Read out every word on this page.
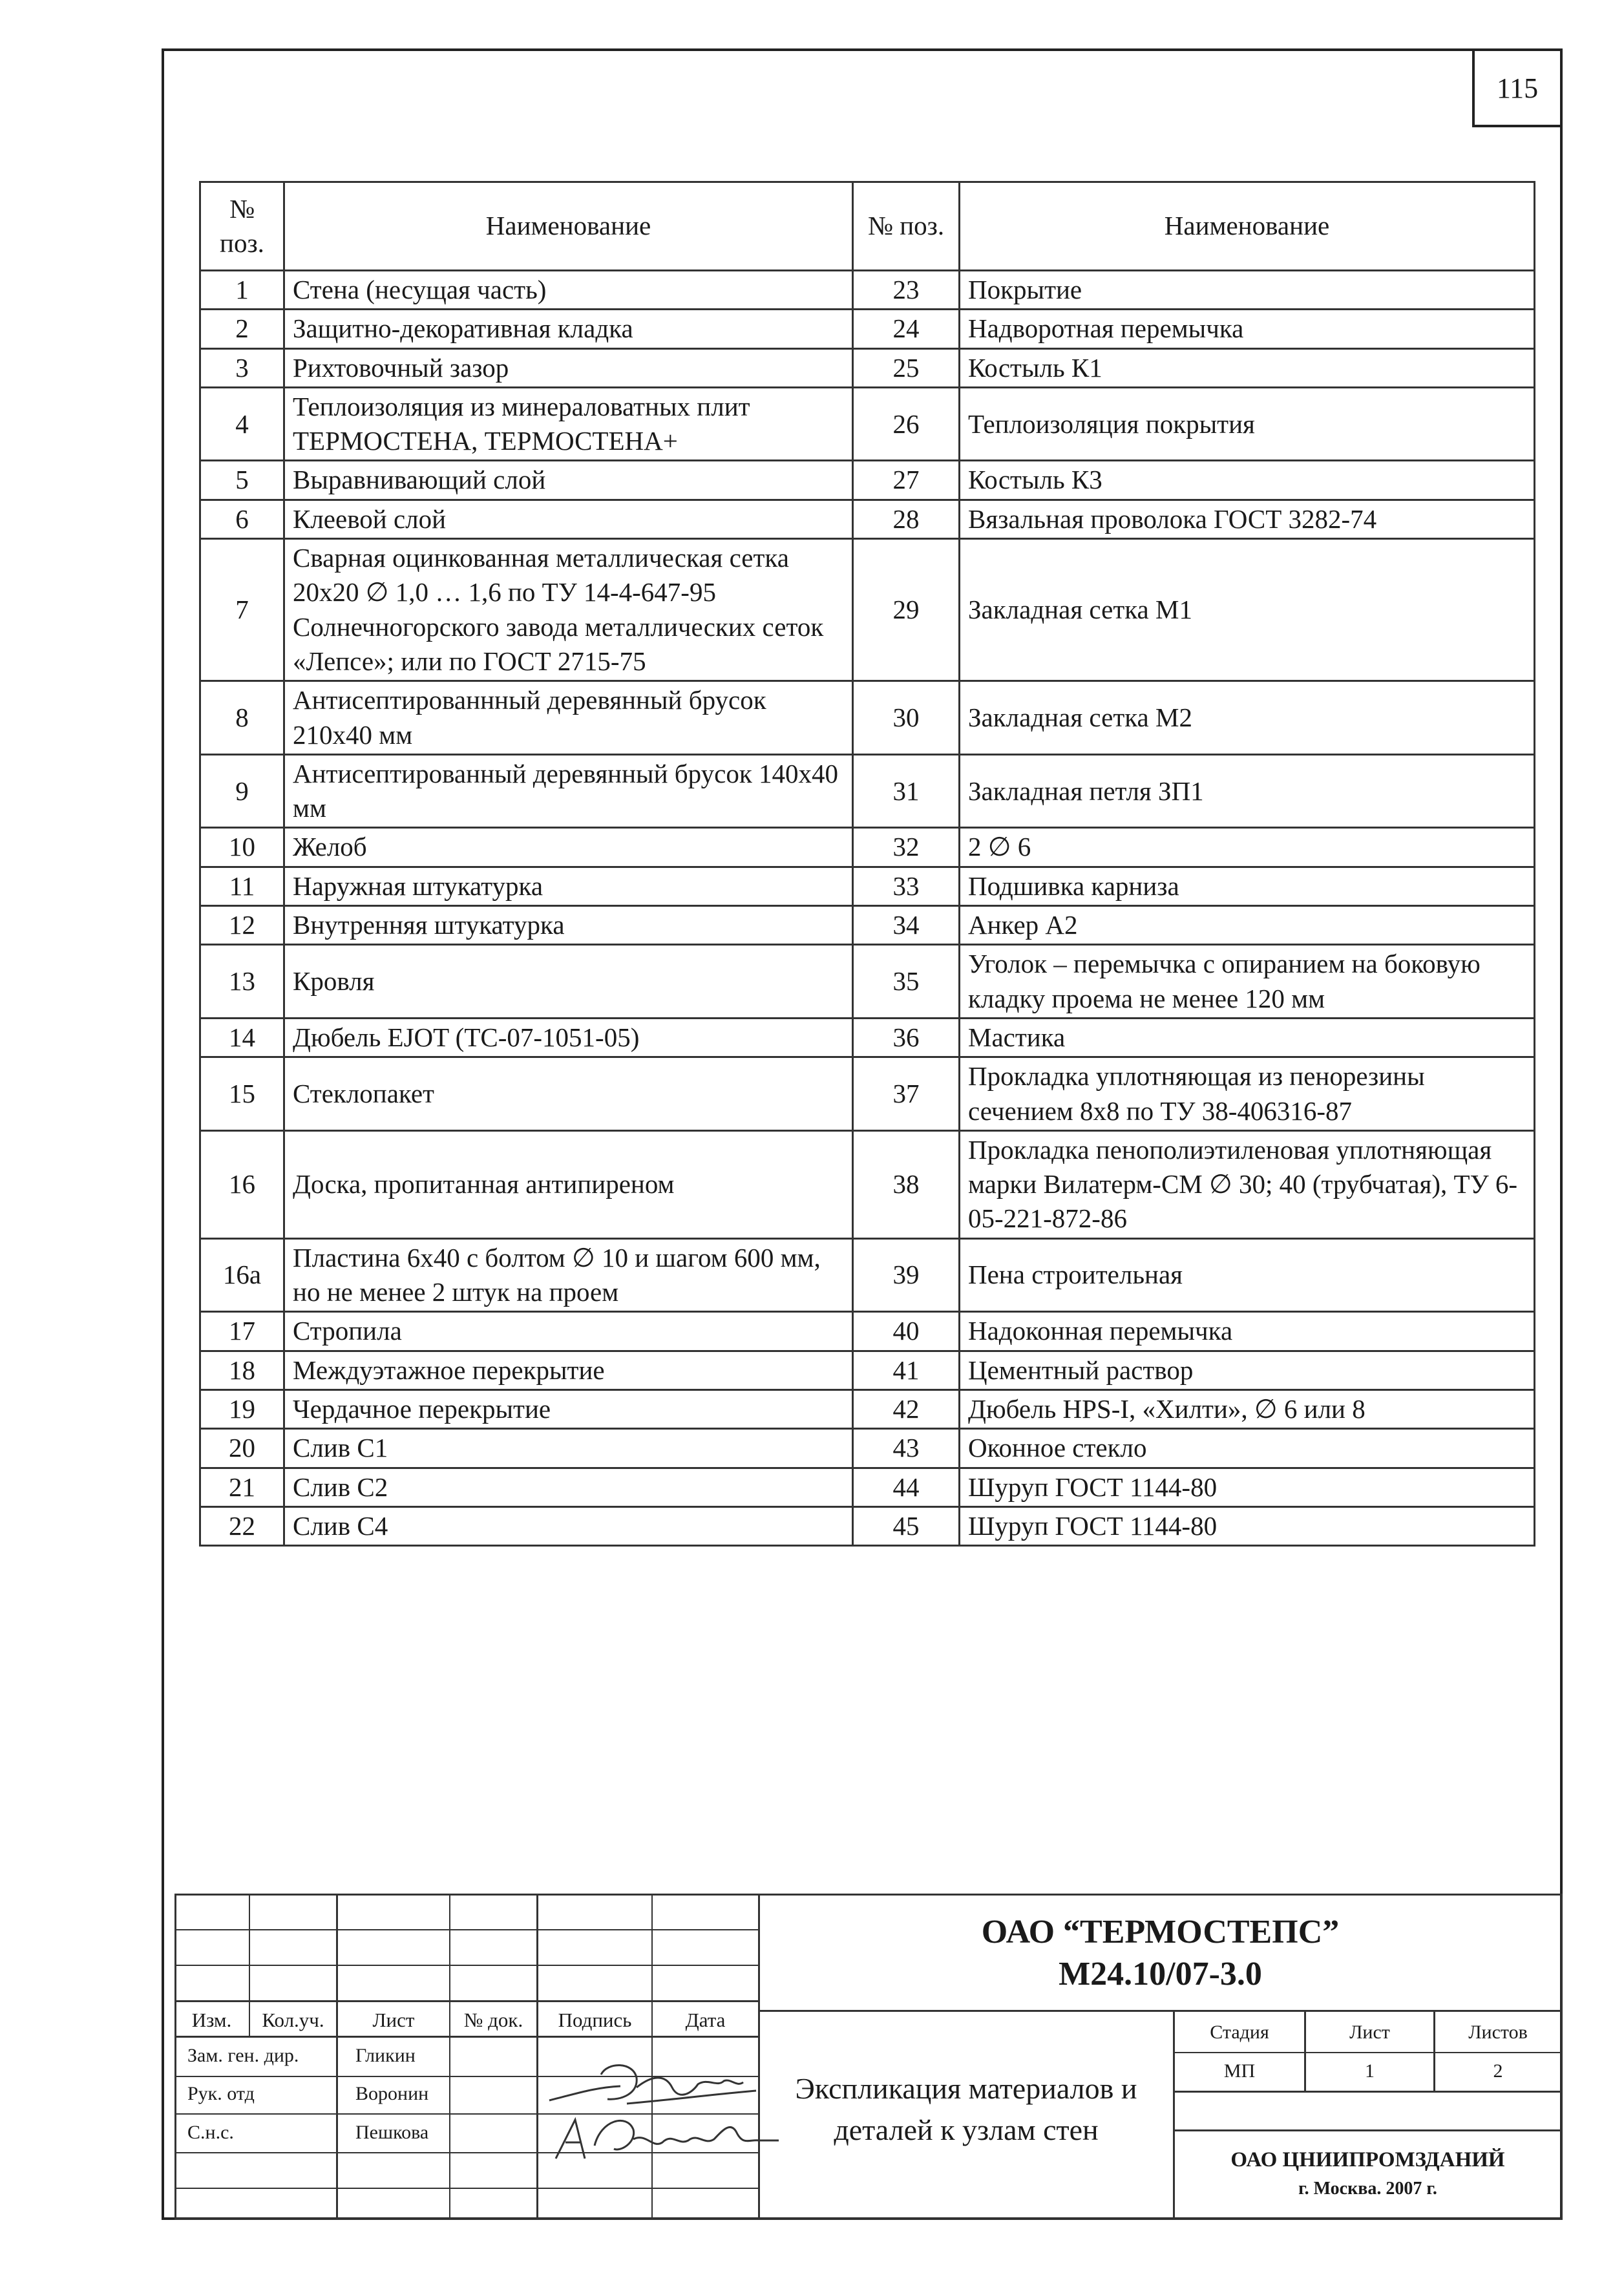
115
№ поз.	Наименование	№ поз.	Наименование
1	Стена (несущая часть)	23	Покрытие
2	Защитно-декоративная кладка	24	Надворотная перемычка
3	Рихтовочный зазор	25	Костыль К1
4	Теплоизоляция из минераловатных плит ТЕРМОСТЕНА, ТЕРМОСТЕНА+	26	Теплоизоляция покрытия
5	Выравнивающий слой	27	Костыль К3
6	Клеевой слой	28	Вязальная проволока ГОСТ 3282-74
7	Сварная оцинкованная металлическая сетка 20х20 ∅ 1,0 … 1,6 по ТУ 14-4-647-95 Солнечногорского завода металлических сеток «Лепсе»; или по ГОСТ 2715-75	29	Закладная сетка М1
8	Антисептированнный деревянный брусок 210х40 мм	30	Закладная сетка М2
9	Антисептированный деревянный брусок 140х40 мм	31	Закладная петля ЗП1
10	Желоб	32	2 ∅ 6
11	Наружная штукатурка	33	Подшивка карниза
12	Внутренняя штукатурка	34	Анкер А2
13	Кровля	35	Уголок – перемычка с опиранием на боковую кладку проема не менее 120 мм
14	Дюбель EJOT (ТС-07-1051-05)	36	Мастика
15	Стеклопакет	37	Прокладка уплотняющая из пенорезины сечением 8х8 по ТУ 38-406316-87
16	Доска, пропитанная антипиреном	38	Прокладка пенополиэтиленовая уплотняющая марки Вилатерм-СМ ∅ 30; 40 (трубчатая), ТУ 6-05-221-872-86
16а	Пластина 6х40 с болтом ∅ 10 и шагом 600 мм, но не менее 2 штук на проем	39	Пена строительная
17	Стропила	40	Надоконная перемычка
18	Междуэтажное перекрытие	41	Цементный раствор
19	Чердачное перекрытие	42	Дюбель HPS-I, «Хилти», ∅ 6 или 8
20	Слив С1	43	Оконное стекло
21	Слив С2	44	Шуруп ГОСТ 1144-80
22	Слив С4	45	Шуруп ГОСТ 1144-80
Изм.	Кол.уч.	Лист	№ док.	Подпись	Дата
Зам. ген. дир.	Гликин
Рук. отд	Воронин
С.н.с.	Пешкова
ОАО “ТЕРМОСТЕПС”
М24.10/07-3.0
Экспликация материалов и деталей к узлам стен
Стадия	Лист	Листов
МП	1	2
ОАО ЦНИИПРОМЗДАНИЙ
г. Москва. 2007 г.
